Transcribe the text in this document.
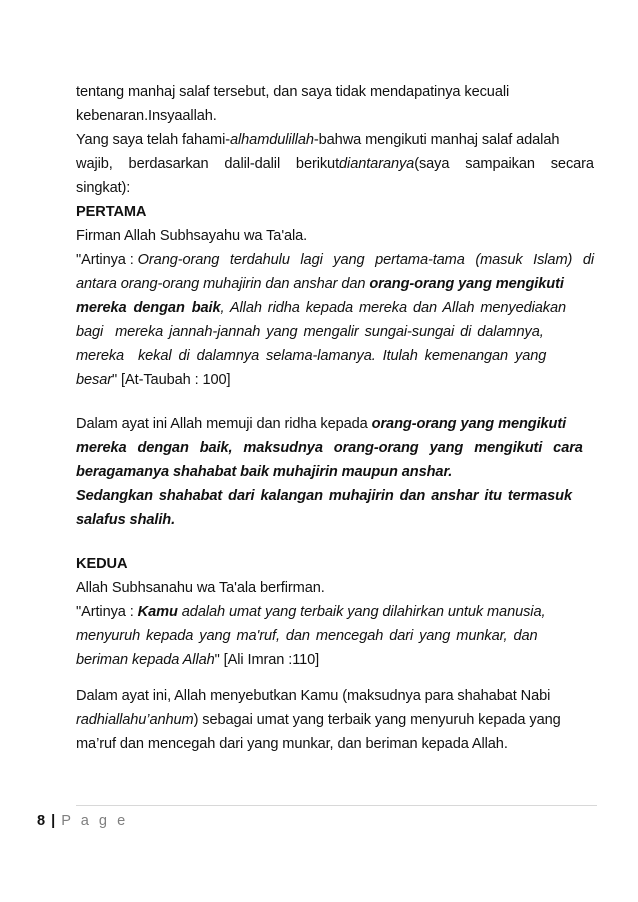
tentang manhaj salaf tersebut, dan saya tidak mendapatinya kecuali
kebenaran.Insyaallah.
Yang saya telah fahami- alhamdulillah -bahwa mengikuti manhaj salaf adalah
wajib, berdasarkan dalil-dalil berikutdiantaranya(saya sampaikan secara
singkat):
PERTAMA
Firman Allah Subhsayahu wa Ta'ala.
"Artinya : Orang-orang terdahulu lagi yang pertama-tama (masuk Islam) di
antara orang-orang muhajirin dan anshar dan orang-orang yang mengikuti
mereka dengan baik , Allah ridha kepada mereka dan Allah menyediakan
bagi  mereka jannah-jannah yang mengalir sungai-sungai di dalamnya,
mereka  kekal di dalamnya selama-lamanya. Itulah kemenangan yang
besar " [At-Taubah : 100]
Dalam ayat ini Allah memuji dan ridha kepada orang-orang yang mengikuti
mereka dengan baik, maksudnya orang-orang yang mengikuti cara
beragamanya shahabat baik muhajirin maupun anshar.
Sedangkan shahabat dari kalangan muhajirin dan anshar itu termasuk
salafus shalih.
KEDUA
Allah Subhsanahu wa Ta'ala berfirman.
"Artinya : Kamu adalah umat yang terbaik yang dilahirkan untuk manusia,
menyuruh kepada yang ma'ruf, dan mencegah dari yang munkar, dan
beriman kepada Allah " [Ali Imran :110]
Dalam ayat ini, Allah menyebutkan Kamu (maksudnya para shahabat Nabi
radhiallahu’anhum ) sebagai umat yang terbaik yang menyuruh kepada yang
ma’ruf dan mencegah dari yang munkar, dan beriman kepada Allah.
8 | P a g e
